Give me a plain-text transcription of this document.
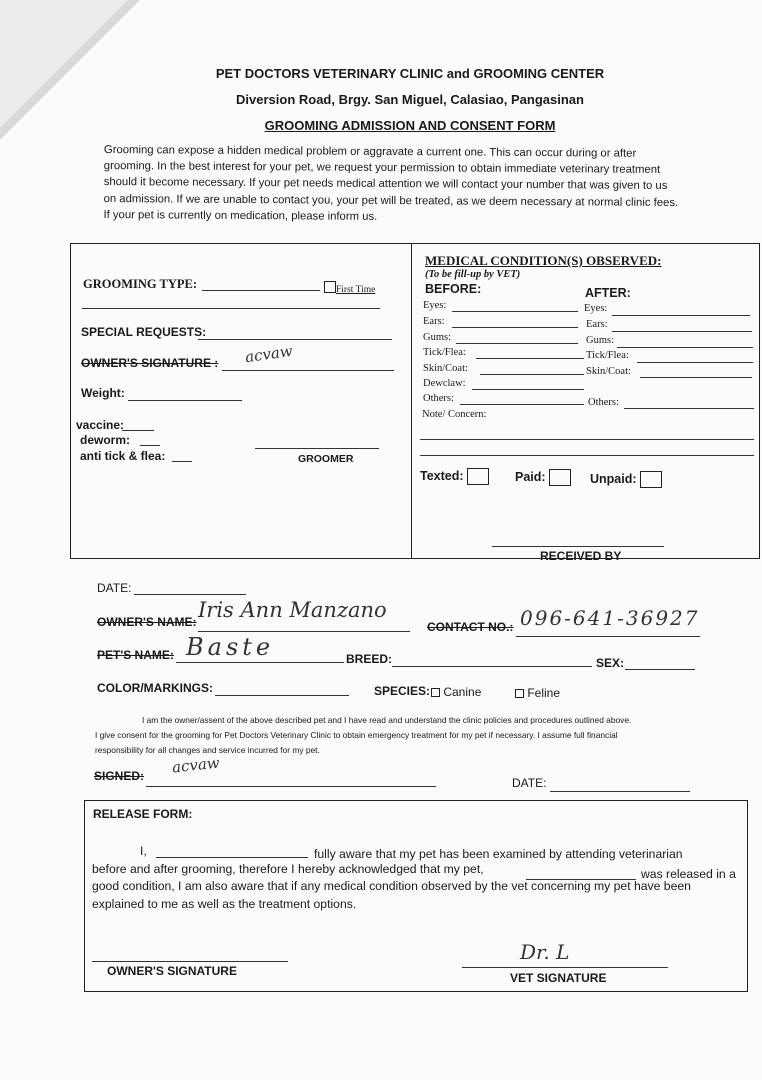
PET DOCTORS VETERINARY CLINIC and GROOMING CENTER
Diversion Road, Brgy. San Miguel, Calasiao, Pangasinan
GROOMING ADMISSION AND CONSENT FORM
Grooming can expose a hidden medical problem or aggravate a current one. This can occur during or after
grooming. In the best interest for your pet, we request your permission to obtain immediate veterinary treatment
should it become necessary. If your pet needs medical attention we will contact your number that was given to us
on admission. If we are unable to contact you, your pet will be treated, as we deem necessary at normal clinic fees.
If your pet is currently on medication, please inform us.
GROOMING TYPE:	First Time
SPECIAL REQUESTS:
OWNER'S SIGNATURE : acvaw
Weight:
vaccine:
deworm:
anti tick & flea:	GROOMER
MEDICAL CONDITION(S) OBSERVED:
(To be fill-up by VET)
BEFORE:	AFTER:
Eyes:
Ears:
Gums:
Tick/Flea:
Skin/Coat:
Dewclaw:
Others:
Eyes:
Ears:
Gums:
Tick/Flea:
Skin/Coat:
Others:
Note/ Concern:
Texted:	Paid:	Unpaid:
RECEIVED BY
DATE:
OWNER'S NAME: Iris Ann Manzano
CONTACT NO.: 096-641-36927
PET'S NAME: Baste	BREED:	SEX:
COLOR/MARKINGS:	SPECIES:	Canine	Feline
I am the owner/assent of the above described pet and I have read and understand the clinic policies and procedures outlined above.
I give consent for the grooming for Pet Doctors Veterinary Clinic to obtain emergency treatment for my pet if necessary. I assume full financial
responsibility for all changes and service incurred for my pet.
SIGNED: acvaw
DATE:
RELEASE FORM:
I,	fully aware that my pet has been examined by attending veterinarian
before and after grooming, therefore I hereby acknowledged that my pet,	was released in a
good condition, I am also aware that if any medical condition observed by the vet concerning my pet have been
explained to me as well as the treatment options.
OWNER'S SIGNATURE
Dr. L
VET SIGNATURE
